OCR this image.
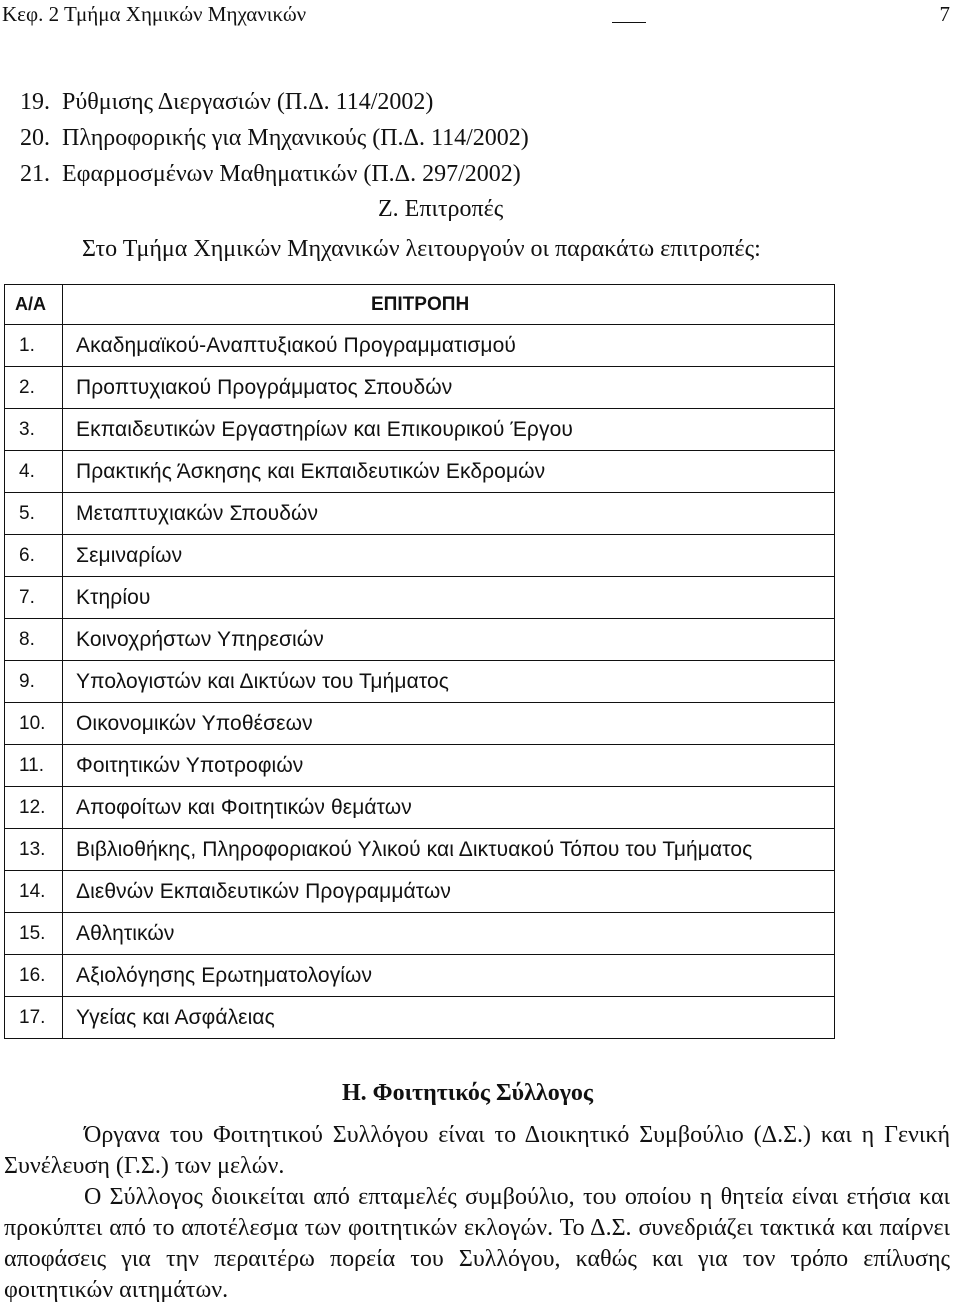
Κεφ. 2 Τμήμα Χημικών Μηχανικών	7
19. Ρύθμισης Διεργασιών (Π.Δ. 114/2002)
20. Πληροφορικής για Μηχανικούς (Π.Δ. 114/2002)
21. Εφαρμοσμένων Μαθηματικών (Π.Δ. 297/2002)
Ζ. Επιτροπές
Στο Τμήμα Χημικών Μηχανικών λειτουργούν οι παρακάτω επιτροπές:
Α/Α	ΕΠΙΤΡΟΠΗ
1.	Ακαδημαϊκού-Αναπτυξιακού Προγραμματισμού
2.	Προπτυχιακού Προγράμματος Σπουδών
3.	Εκπαιδευτικών Εργαστηρίων και Επικουρικού Έργου
4.	Πρακτικής Άσκησης και Εκπαιδευτικών Εκδρομών
5.	Μεταπτυχιακών Σπουδών
6.	Σεμιναρίων
7.	Κτηρίου
8.	Κοινοχρήστων Υπηρεσιών
9.	Υπολογιστών και Δικτύων του Τμήματος
10.	Οικονομικών Υποθέσεων
11.	Φοιτητικών Υποτροφιών
12.	Αποφοίτων και Φοιτητικών θεμάτων
13.	Βιβλιοθήκης, Πληροφοριακού Υλικού και Δικτυακού Τόπου του Τμήματος
14.	Διεθνών Εκπαιδευτικών Προγραμμάτων
15.	Αθλητικών
16.	Αξιολόγησης Ερωτηματολογίων
17.	Υγείας και Ασφάλειας
Η. Φοιτητικός Σύλλογος
Όργανα του Φοιτητικού Συλλόγου είναι το Διοικητικό Συμβούλιο (Δ.Σ.) και η Γενική Συνέλευση (Γ.Σ.) των μελών.
Ο Σύλλογος διοικείται από επταμελές συμβούλιο, του οποίου η θητεία είναι ετήσια και προκύπτει από το αποτέλεσμα των φοιτητικών εκλογών. Το Δ.Σ. συνεδριάζει τακτικά και παίρνει αποφάσεις για την περαιτέρω πορεία του Συλλόγου, καθώς και για τον τρόπο επίλυσης φοιτητικών αιτημάτων.
